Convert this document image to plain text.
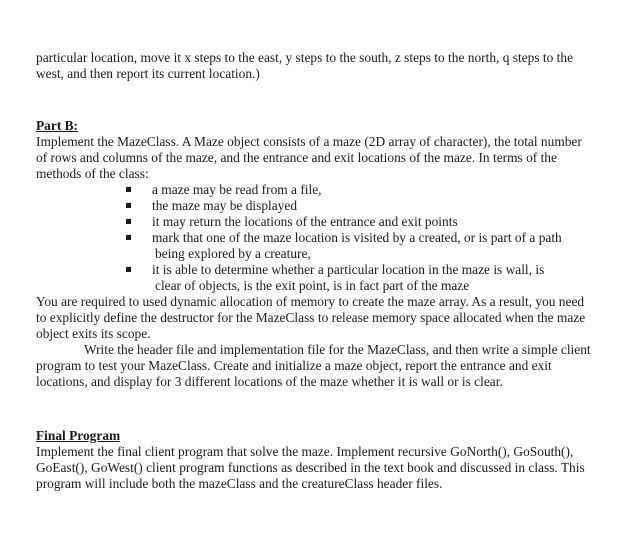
particular location, move it x steps to the east, y steps to the south, z steps to the north, q steps to the west, and then report its current location.)

Part B:

Implement the MazeClass. A Maze object consists of a maze (2D array of character), the total number of rows and columns of the maze, and the entrance and exit locations of the maze. In terms of the methods of the class:

a maze may be read from a file,
the maze may be displayed
it may return the locations of the entrance and exit points
mark that one of the maze location is visited by a created, or is part of a path
being explored by a creature,
it is able to determine whether a particular location in the maze is wall, is
clear of objects, is the exit point, is in fact part of the maze

You are required to used dynamic allocation of memory to create the maze array. As a result, you need to explicitly define the destructor for the MazeClass to release memory space allocated when the maze object exits its scope.

Write the header file and implementation file for the MazeClass, and then write a simple client program to test your MazeClass. Create and initialize a maze object, report the entrance and exit locations, and display for 3 different locations of the maze whether it is wall or is clear.

Final Program

Implement the final client program that solve the maze. Implement recursive GoNorth(), GoSouth(), GoEast(), GoWest() client program functions as described in the text book and discussed in class. This program will include both the mazeClass and the creatureClass header files.
